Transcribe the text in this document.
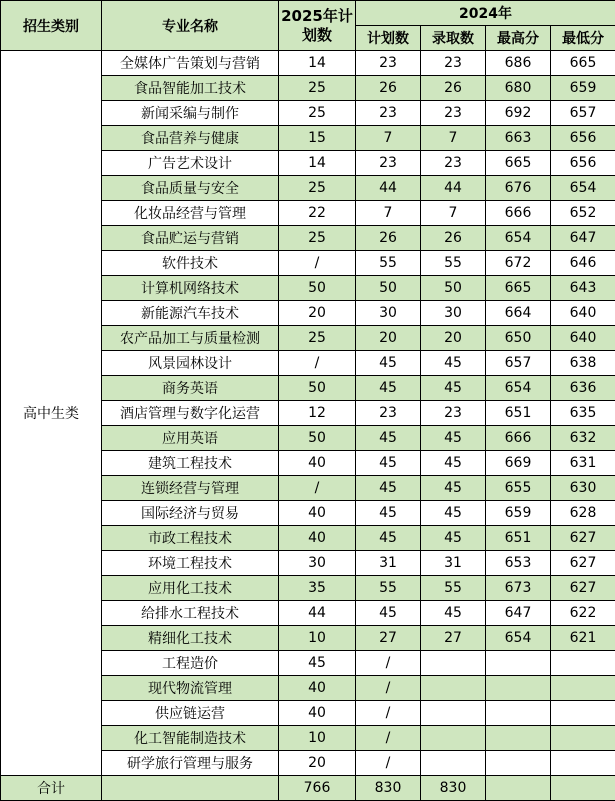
招生类别	专业名称	2025年计划数	2024年			
			计划数	录取数	最高分	最低分
高中生类	全媒体广告策划与营销	14	23	23	686	665
	食品智能加工技术	25	26	26	680	659
	新闻采编与制作	25	23	23	692	657
	食品营养与健康	15	7	7	663	656
	广告艺术设计	14	23	23	665	656
	食品质量与安全	25	44	44	676	654
	化妆品经营与管理	22	7	7	666	652
	食品贮运与营销	25	26	26	654	647
	软件技术	/	55	55	672	646
	计算机网络技术	50	50	50	665	643
	新能源汽车技术	20	30	30	664	640
	农产品加工与质量检测	25	20	20	650	640
	风景园林设计	/	45	45	657	638
	商务英语	50	45	45	654	636
	酒店管理与数字化运营	12	23	23	651	635
	应用英语	50	45	45	666	632
	建筑工程技术	40	45	45	669	631
	连锁经营与管理	/	45	45	655	630
	国际经济与贸易	40	45	45	659	628
	市政工程技术	40	45	45	651	627
	环境工程技术	30	31	31	653	627
	应用化工技术	35	55	55	673	627
	给排水工程技术	44	45	45	647	622
	精细化工技术	10	27	27	654	621
	工程造价	45	/			
	现代物流管理	40	/			
	供应链运营	40	/			
	化工智能制造技术	10	/			
	研学旅行管理与服务	20	/			
合计		766	830	830		
